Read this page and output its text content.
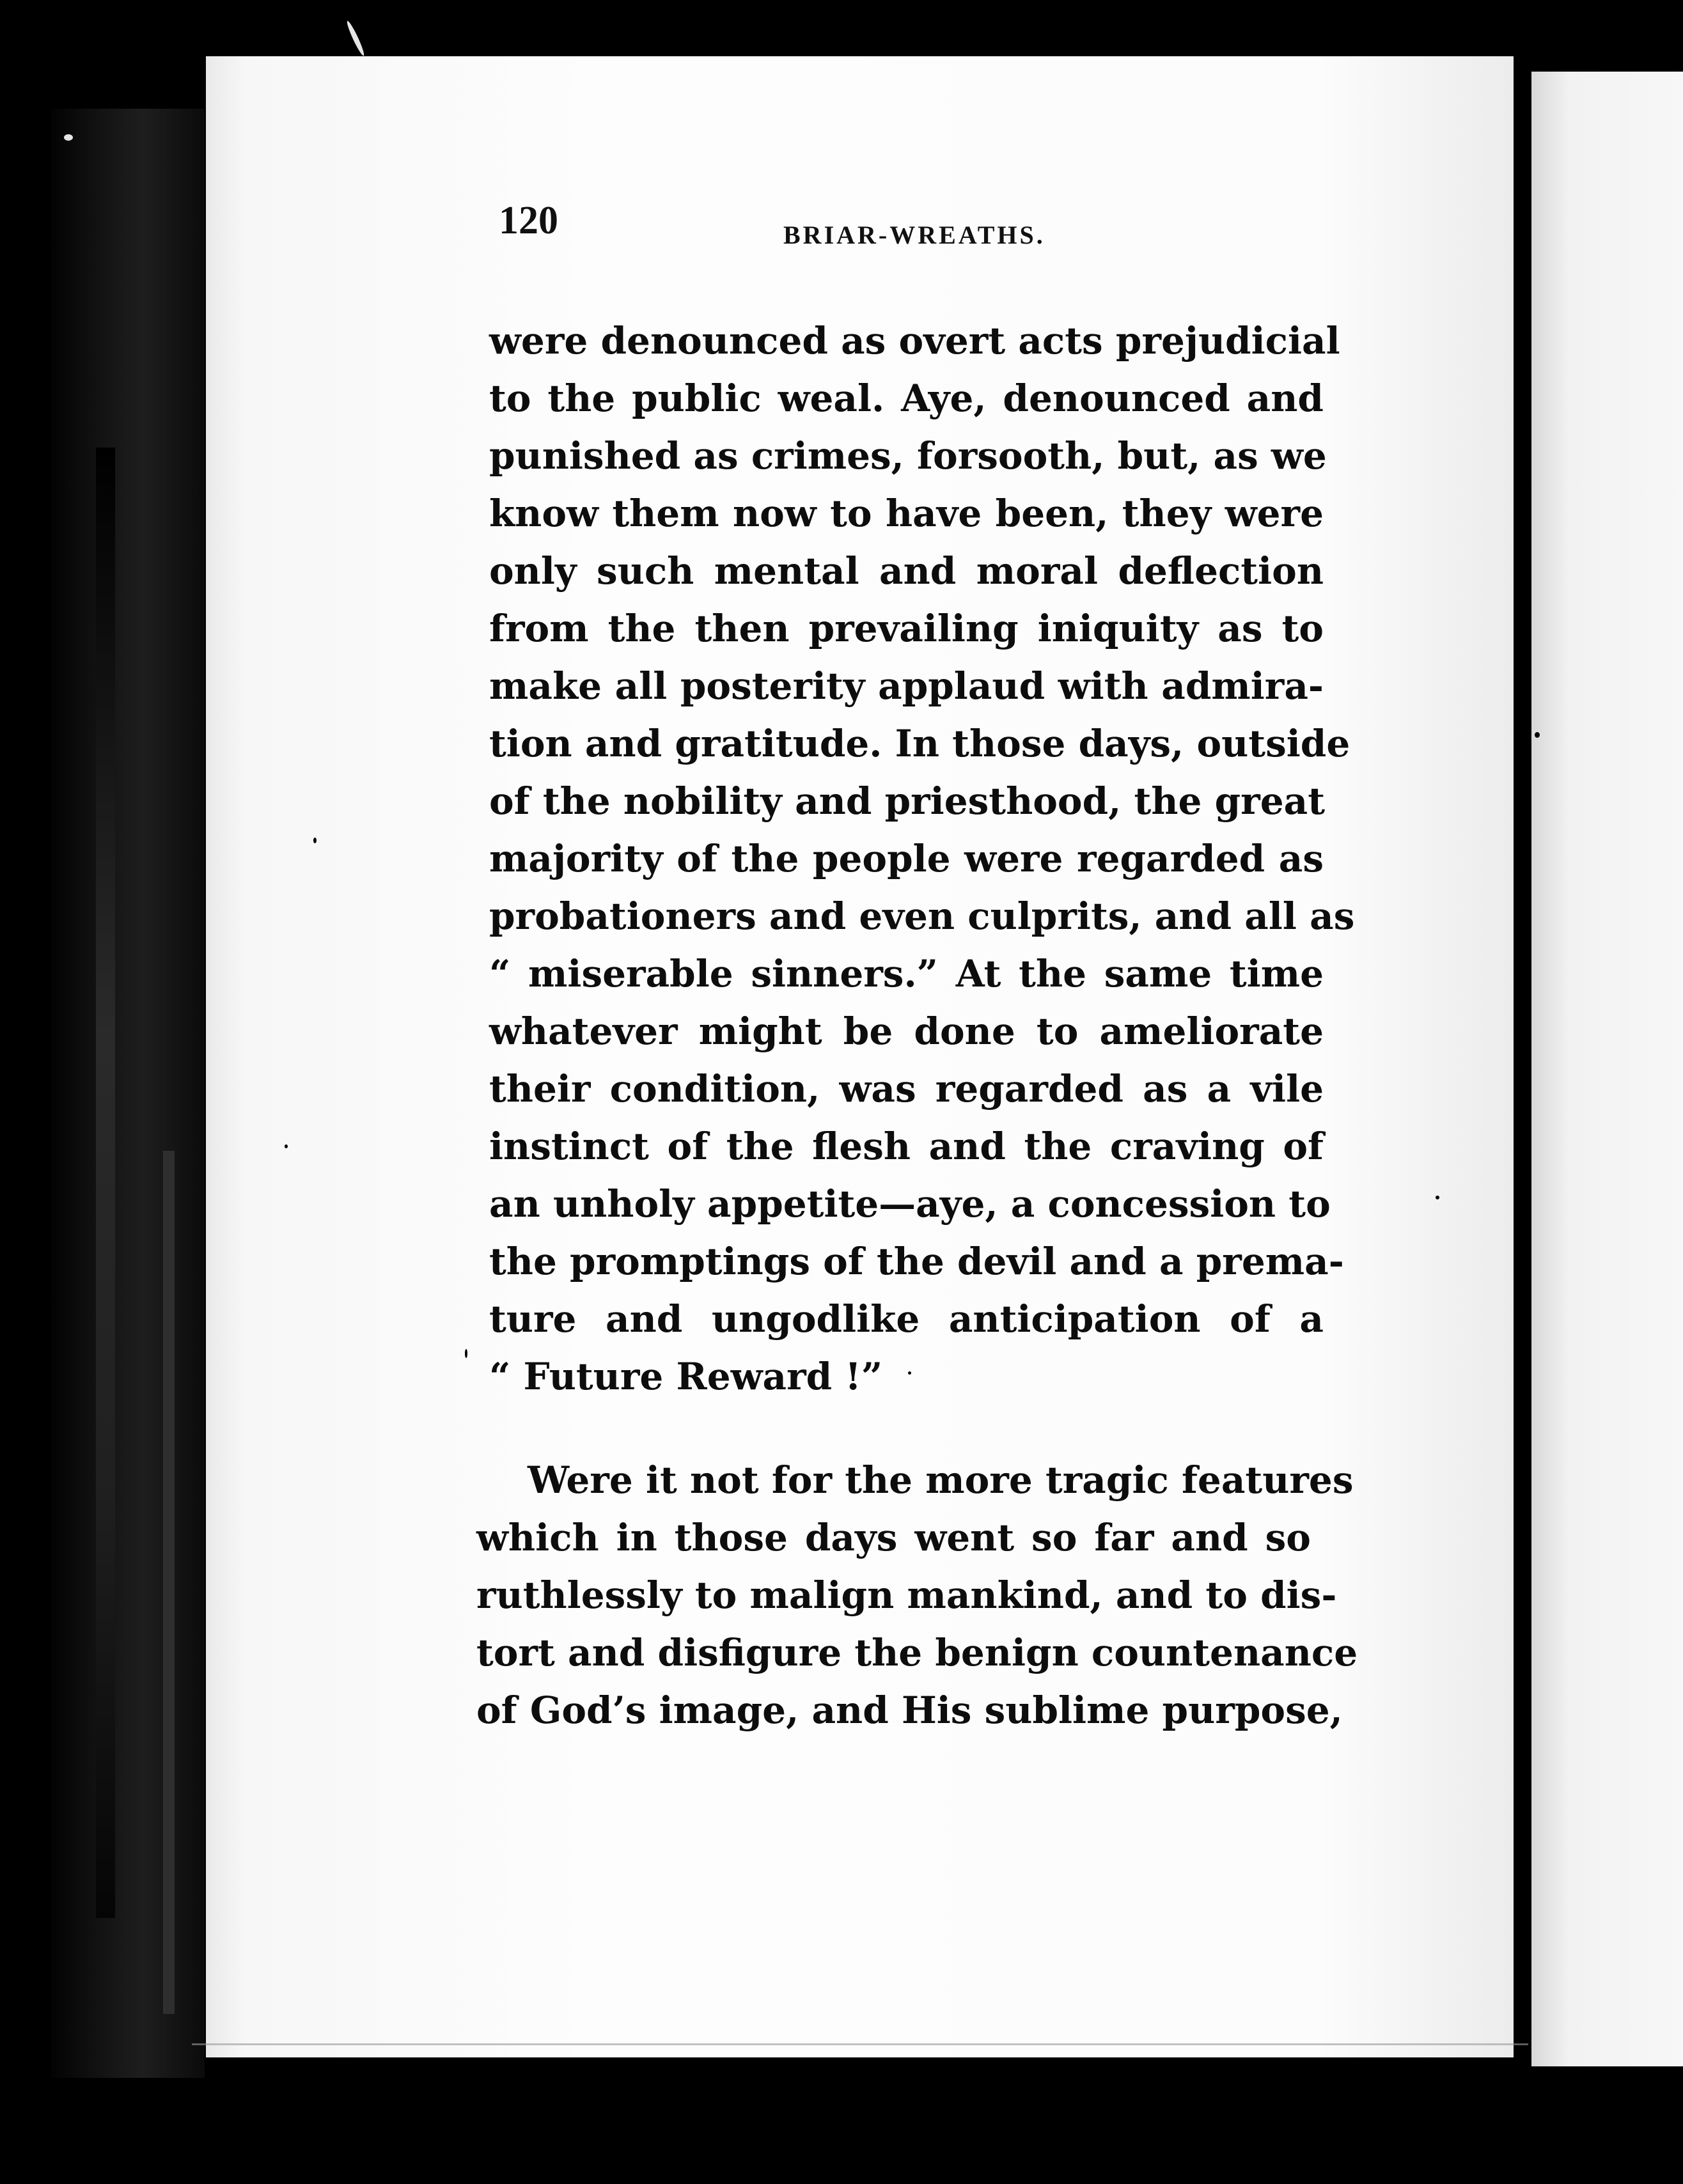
120	BRIAR-WREATHS.
were denounced as overt acts prejudicial
to the public weal. Aye, denounced and
punished as crimes, forsooth, but, as we
know them now to have been, they were
only such mental and moral deflection
from the then prevailing iniquity as to
make all posterity applaud with admira-
tion and gratitude. In those days, outside
of the nobility and priesthood, the great
majority of the people were regarded as
probationers and even culprits, and all as
“ miserable sinners.” At the same time
whatever might be done to ameliorate
their condition, was regarded as a vile
instinct of the flesh and the craving of
an unholy appetite—aye, a concession to
the promptings of the devil and a prema-
ture and ungodlike anticipation of a
“ Future Reward !”
Were it not for the more tragic features
which in those days went so far and so
ruthlessly to malign mankind, and to dis-
tort and disfigure the benign countenance
of God’s image, and His sublime purpose,
